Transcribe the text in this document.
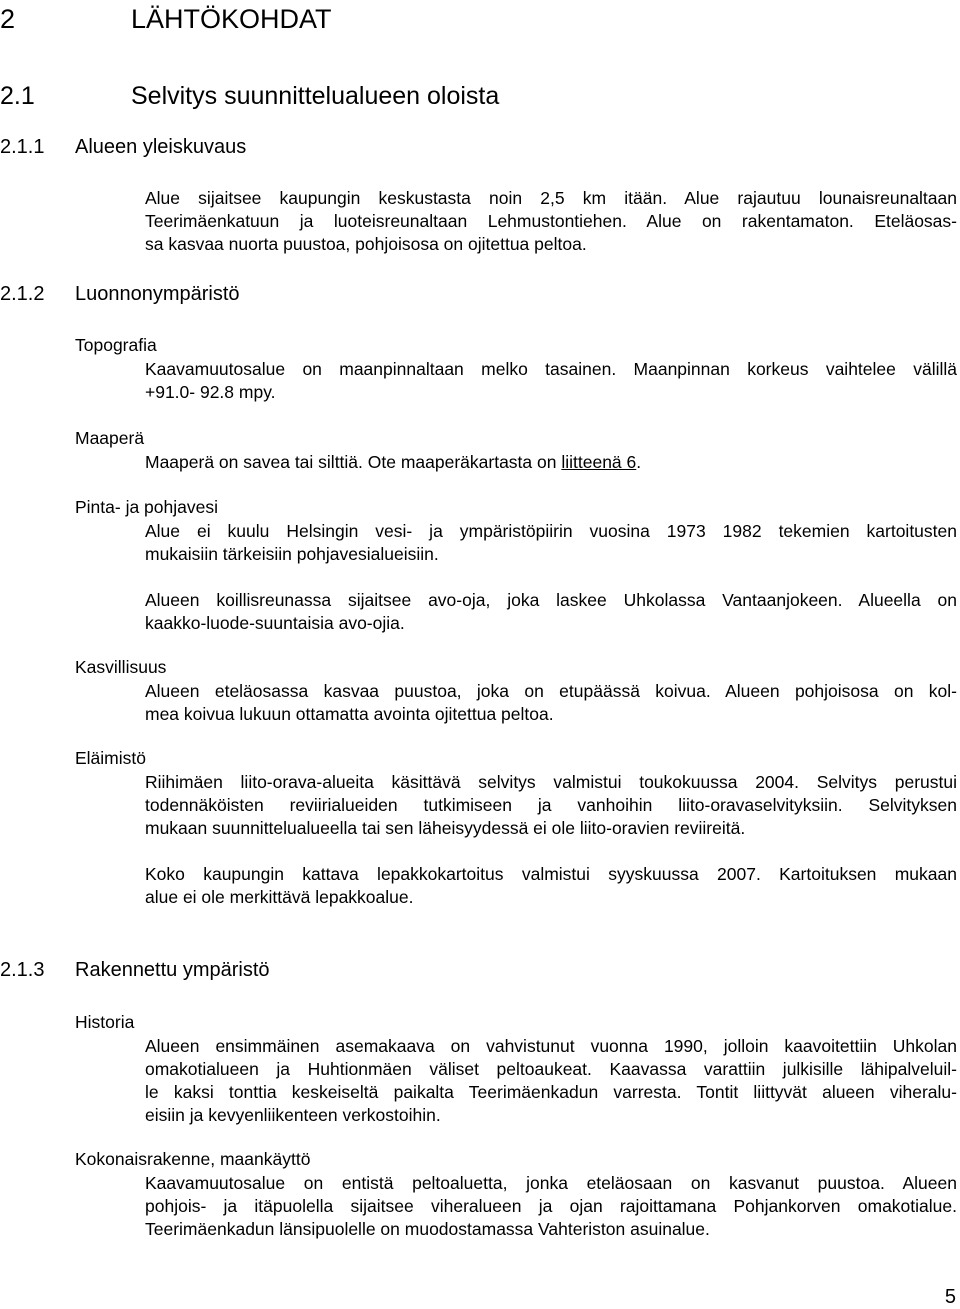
2	LÄHTÖKOHDAT
2.1	Selvitys suunnittelualueen oloista
2.1.1 Alueen yleiskuvaus
Alue sijaitsee kaupungin keskustasta noin 2,5 km itään. Alue rajautuu lounaisreunaltaan
Teerimäenkatuun ja luoteisreunaltaan Lehmustontiehen. Alue on rakentamaton. Eteläosas-
sa kasvaa nuorta puustoa, pohjoisosa on ojitettua peltoa.
2.1.2 Luonnonympäristö
Topografia
Kaavamuutosalue on maanpinnaltaan melko tasainen. Maanpinnan korkeus vaihtelee välillä
+91.0- 92.8 mpy.
Maaperä
Maaperä on savea tai silttiä. Ote maaperäkartasta on liitteenä 6.
Pinta- ja pohjavesi
Alue ei kuulu Helsingin vesi- ja ympäristöpiirin vuosina 1973 1982 tekemien kartoitusten
mukaisiin tärkeisiin pohjavesialueisiin.
Alueen koillisreunassa sijaitsee avo-oja, joka laskee Uhkolassa Vantaanjokeen. Alueella on
kaakko-luode-suuntaisia avo-ojia.
Kasvillisuus
Alueen eteläosassa kasvaa puustoa, joka on etupäässä koivua. Alueen pohjoisosa on kol-
mea koivua lukuun ottamatta avointa ojitettua peltoa.
Eläimistö
Riihimäen liito-orava-alueita käsittävä selvitys valmistui toukokuussa 2004. Selvitys perustui
todennäköisten reviirialueiden tutkimiseen ja vanhoihin liito-oravaselvityksiin. Selvityksen
mukaan suunnittelualueella tai sen läheisyydessä ei ole liito-oravien reviireitä.
Koko kaupungin kattava lepakkokartoitus valmistui syyskuussa 2007. Kartoituksen mukaan
alue ei ole merkittävä lepakkoalue.
2.1.3 Rakennettu ympäristö
Historia
Alueen ensimmäinen asemakaava on vahvistunut vuonna 1990, jolloin kaavoitettiin Uhkolan
omakotialueen ja Huhtionmäen väliset peltoaukeat. Kaavassa varattiin julkisille lähipalveluil-
le kaksi tonttia keskeiseltä paikalta Teerimäenkadun varresta. Tontit liittyvät alueen viheralu-
eisiin ja kevyenliikenteen verkostoihin.
Kokonaisrakenne, maankäyttö
Kaavamuutosalue on entistä peltoaluetta, jonka eteläosaan on kasvanut puustoa. Alueen
pohjois- ja itäpuolella sijaitsee viheralueen ja ojan rajoittamana Pohjankorven omakotialue.
Teerimäenkadun länsipuolelle on muodostamassa Vahteriston asuinalue.
5
